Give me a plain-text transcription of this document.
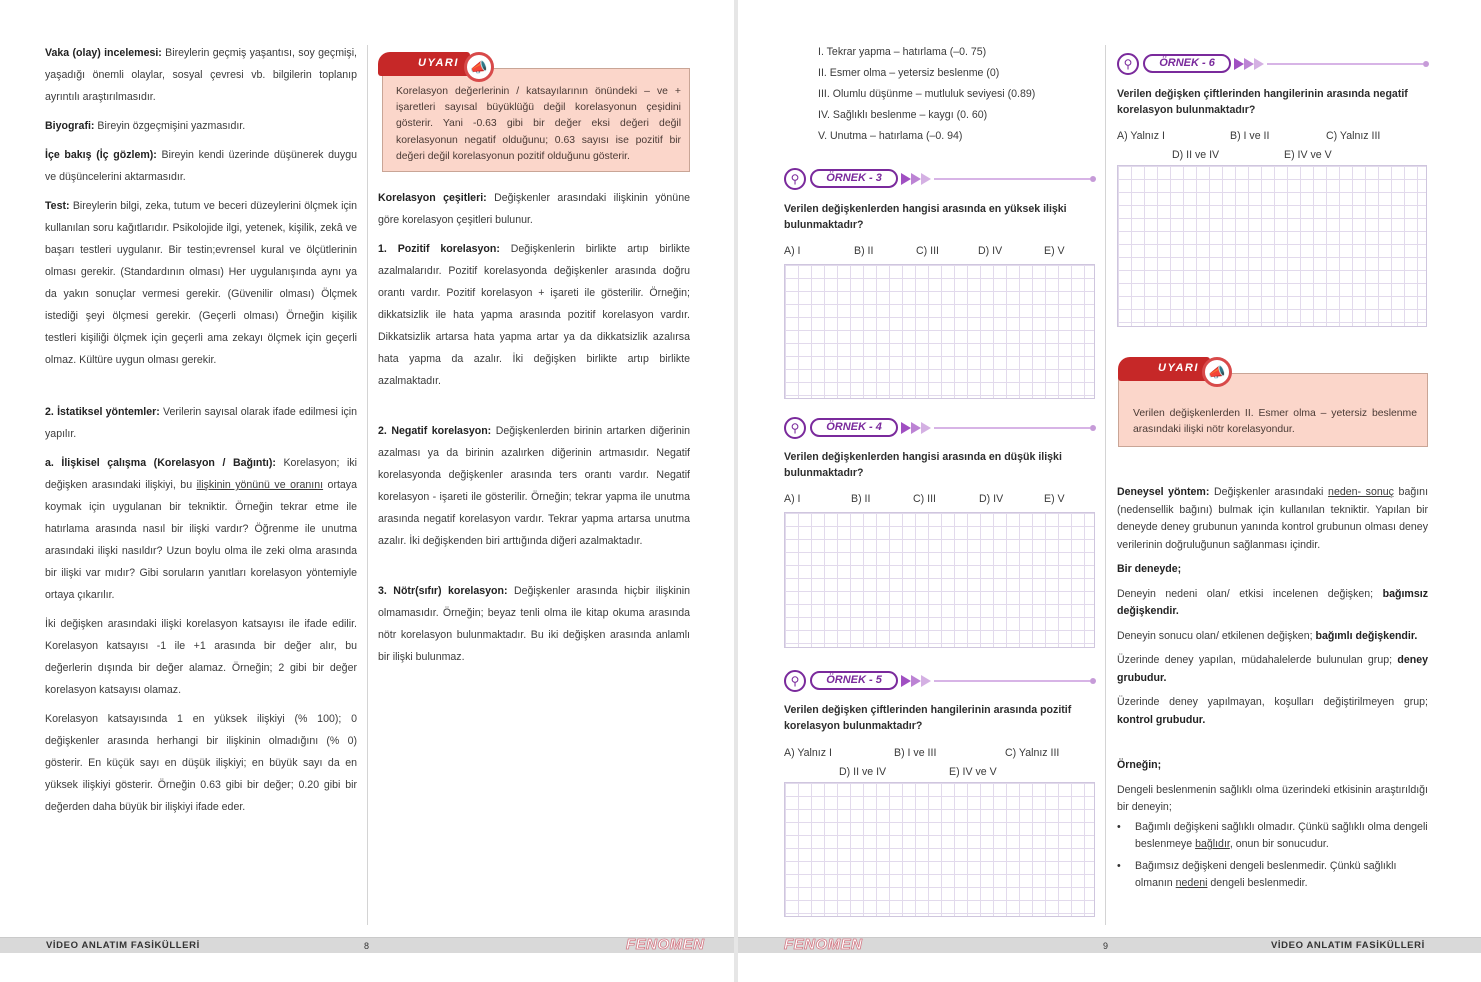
Vaka (olay) incelemesi: Bireylerin geçmiş yaşantısı, soy geçmişi, yaşadığı önemli olaylar, sosyal çevresi vb. bilgilerin toplanıp ayrıntılı araştırılmasıdır.

Biyografi: Bireyin özgeçmişini yazmasıdır.

İçe bakış (İç gözlem): Bireyin kendi üzerinde düşünerek duygu ve düşüncelerini aktarmasıdır.

Test: Bireylerin bilgi, zeka, tutum ve beceri düzeylerini ölçmek için kullanılan soru kağıtlarıdır. Psikolojide ilgi, yetenek, kişilik, zekâ ve başarı testleri uygulanır. Bir testin;evrensel kural ve ölçütlerinin olması gerekir. (Standardının olması) Her uygulanışında aynı ya da yakın sonuçlar vermesi gerekir. (Güvenilir olması) Ölçmek istediği şeyi ölçmesi gerekir. (Geçerli olması) Örneğin kişilik testleri kişiliği ölçmek için geçerli ama zekayı ölçmek için geçerli olmaz. Kültüre uygun olması gerekir.

2. İstatiksel yöntemler: Verilerin sayısal olarak ifade edilmesi için yapılır.

a. İlişkisel çalışma (Korelasyon / Bağıntı): Korelasyon; iki değişken arasındaki ilişkiyi, bu ilişkinin yönünü ve oranını ortaya koymak için uygulanan bir tekniktir. Örneğin tekrar etme ile hatırlama arasında nasıl bir ilişki vardır? Öğrenme ile unutma arasındaki ilişki nasıldır? Uzun boylu olma ile zeki olma arasında bir ilişki var mıdır? Gibi soruların yanıtları korelasyon yöntemiyle ortaya çıkarılır.

İki değişken arasındaki ilişki korelasyon katsayısı ile ifade edilir. Korelasyon katsayısı -1 ile +1 arasında bir değer alır, bu değerlerin dışında bir değer alamaz. Örneğin; 2 gibi bir değer korelasyon katsayısı olamaz.

Korelasyon katsayısında 1 en yüksek ilişkiyi (% 100); 0 değişkenler arasında herhangi bir ilişkinin olmadığını (% 0) gösterir. En küçük sayı en düşük ilişkiyi; en büyük sayı da en yüksek ilişkiyi gösterir. Örneğin 0.63 gibi bir değer; 0.20 gibi bir değerden daha büyük bir ilişkiyi ifade eder.

Korelasyon değerlerinin / katsayılarının önündeki – ve + işaretleri sayısal büyüklüğü değil korelasyonun çeşidini gösterir. Yani -0.63 gibi bir değer eksi değeri değil korelasyonun negatif olduğunu; 0.63 sayısı ise pozitif bir değeri değil korelasyonun pozitif olduğunu gösterir.
UYARI 📣

Korelasyon çeşitleri: Değişkenler arasındaki ilişkinin yönüne göre korelasyon çeşitleri bulunur.

1. Pozitif korelasyon: Değişkenlerin birlikte artıp birlikte azalmalarıdır. Pozitif korelasyonda değişkenler arasında doğru orantı vardır. Pozitif korelasyon + işareti ile gösterilir. Örneğin; dikkatsizlik ile hata yapma arasında pozitif korelasyon vardır. Dikkatsizlik artarsa hata yapma artar ya da dikkatsizlik azalırsa hata yapma da azalır. İki değişken birlikte artıp birlikte azalmaktadır.

2. Negatif korelasyon: Değişkenlerden birinin artarken diğerinin azalması ya da birinin azalırken diğerinin artmasıdır. Negatif korelasyonda değişkenler arasında ters orantı vardır. Negatif korelasyon - işareti ile gösterilir. Örneğin; tekrar yapma ile unutma arasında negatif korelasyon vardır. Tekrar yapma artarsa unutma azalır. İki değişkenden biri arttığında diğeri azalmaktadır.

3. Nötr(sıfır) korelasyon: Değişkenler arasında hiçbir ilişkinin olmamasıdır. Örneğin; beyaz tenli olma ile kitap okuma arasında nötr korelasyon bulunmaktadır. Bu iki değişken arasında anlamlı bir ilişki bulunmaz.

VİDEO ANLATIM FASİKÜLLERİ	8	FENOMEN
I. Tekrar yapma – hatırlama (–0. 75)
II. Esmer olma – yetersiz beslenme (0)
III. Olumlu düşünme – mutluluk seviyesi (0.89)
IV. Sağlıklı beslenme – kaygı (0. 60)
V. Unutma – hatırlama (–0. 94)
⚲	ÖRNEK - 3
Verilen değişkenlerden hangisi arasında en yüksek ilişki bulunmaktadır?
A) I	B) II	C) III	D) IV	E) V
⚲	ÖRNEK - 4
Verilen değişkenlerden hangisi arasında en düşük ilişki bulunmaktadır?
A) I	B) II	C) III	D) IV	E) V
⚲	ÖRNEK - 5
Verilen değişken çiftlerinden hangilerinin arasında pozitif korelasyon bulunmaktadır?
A) Yalnız I	B) I ve III	C) Yalnız III
D) II ve IV	E) IV ve V
⚲	ÖRNEK - 6
Verilen değişken çiftlerinden hangilerinin arasında negatif korelasyon bulunmaktadır?
A) Yalnız I	B) I ve II	C) Yalnız III
D) II ve IV	E) IV ve V
Verilen değişkenlerden II. Esmer olma – yetersiz beslenme arasındaki ilişki nötr korelasyondur.
UYARI 📣

Deneysel yöntem: Değişkenler arasındaki neden- sonuç bağını (nedensellik bağını) bulmak için kullanılan tekniktir. Yapılan bir deneyde deney grubunun yanında kontrol grubunun olması deney verilerinin doğruluğunun sağlanması içindir.

Bir deneyde;

Deneyin nedeni olan/ etkisi incelenen değişken; bağımsız değişkendir.

Deneyin sonucu olan/ etkilenen değişken; bağımlı değişkendir.

Üzerinde deney yapılan, müdahalelerde bulunulan grup; deney grubudur.

Üzerinde deney yapılmayan, koşulları değiştirilmeyen grup; kontrol grubudur.

Örneğin;

Dengeli beslenmenin sağlıklı olma üzerindeki etkisinin araştırıldığı bir deneyin;

• Bağımlı değişkeni sağlıklı olmadır. Çünkü sağlıklı olma dengeli beslenmeye bağlıdır, onun bir sonucudur.
• Bağımsız değişkeni dengeli beslenmedir. Çünkü sağlıklı olmanın nedeni dengeli beslenmedir.
FENOMEN	9	VİDEO ANLATIM FASİKÜLLERİ
